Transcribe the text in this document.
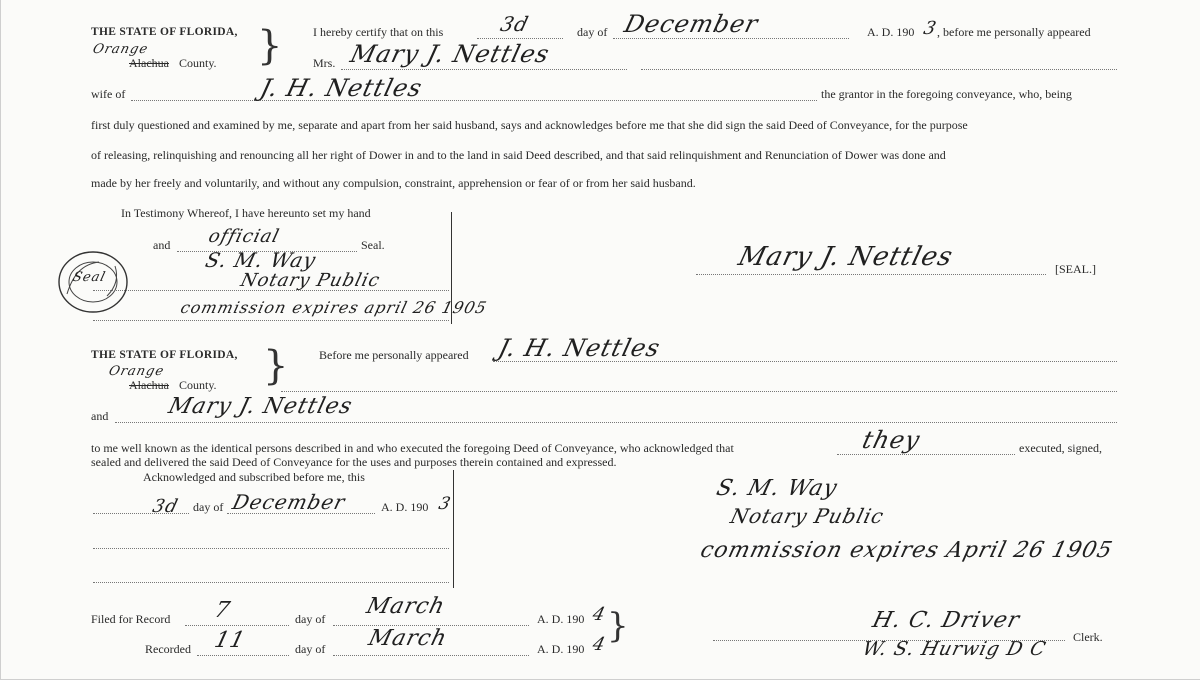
THE STATE OF FLORIDA,
Orange
Alachua County. }	I hereby certify that on this	3d	day of December	A. D. 190 3
, before me personally appeared
Mrs. Mary J. Nettles
wife of	J. H. Nettles	the grantor in the foregoing conveyance, who, being
first duly questioned and examined by me, separate and apart from her said husband, says and acknowledges before me that she did sign the said Deed of Conveyance, for the purpose
of releasing, relinquishing and renouncing all her right of Dower in and to the land in said Deed described, and that said relinquishment and Renunciation of Dower was done and
made by her freely and voluntarily, and without any compulsion, constraint, apprehension or fear of or from her said husband.
In Testimony Whereof, I have hereunto set my hand
and official	Seal.
Seal
S. M. Way
Notary Public
commission expires april 26 1905
Mary J. Nettles	[SEAL.]
THE STATE OF FLORIDA,
Orange
Alachua County. }	Before me personally appeared J. H. Nettles
and	Mary J. Nettles
to me well known as the identical persons described in and who executed the foregoing Deed of Conveyance, who acknowledged that	they	executed, signed,
sealed and delivered the said Deed of Conveyance for the uses and purposes therein contained and expressed.
Acknowledged and subscribed before me, this
3d day of December	A. D. 190 3
S. M. Way
Notary Public
commission expires April 26 1905
Filed for Record 7	day of March	A. D. 190 4
Recorded 11	day of March	A. D. 190 4
}	H. C. Driver
W. S. Hurwig D C
Clerk.
